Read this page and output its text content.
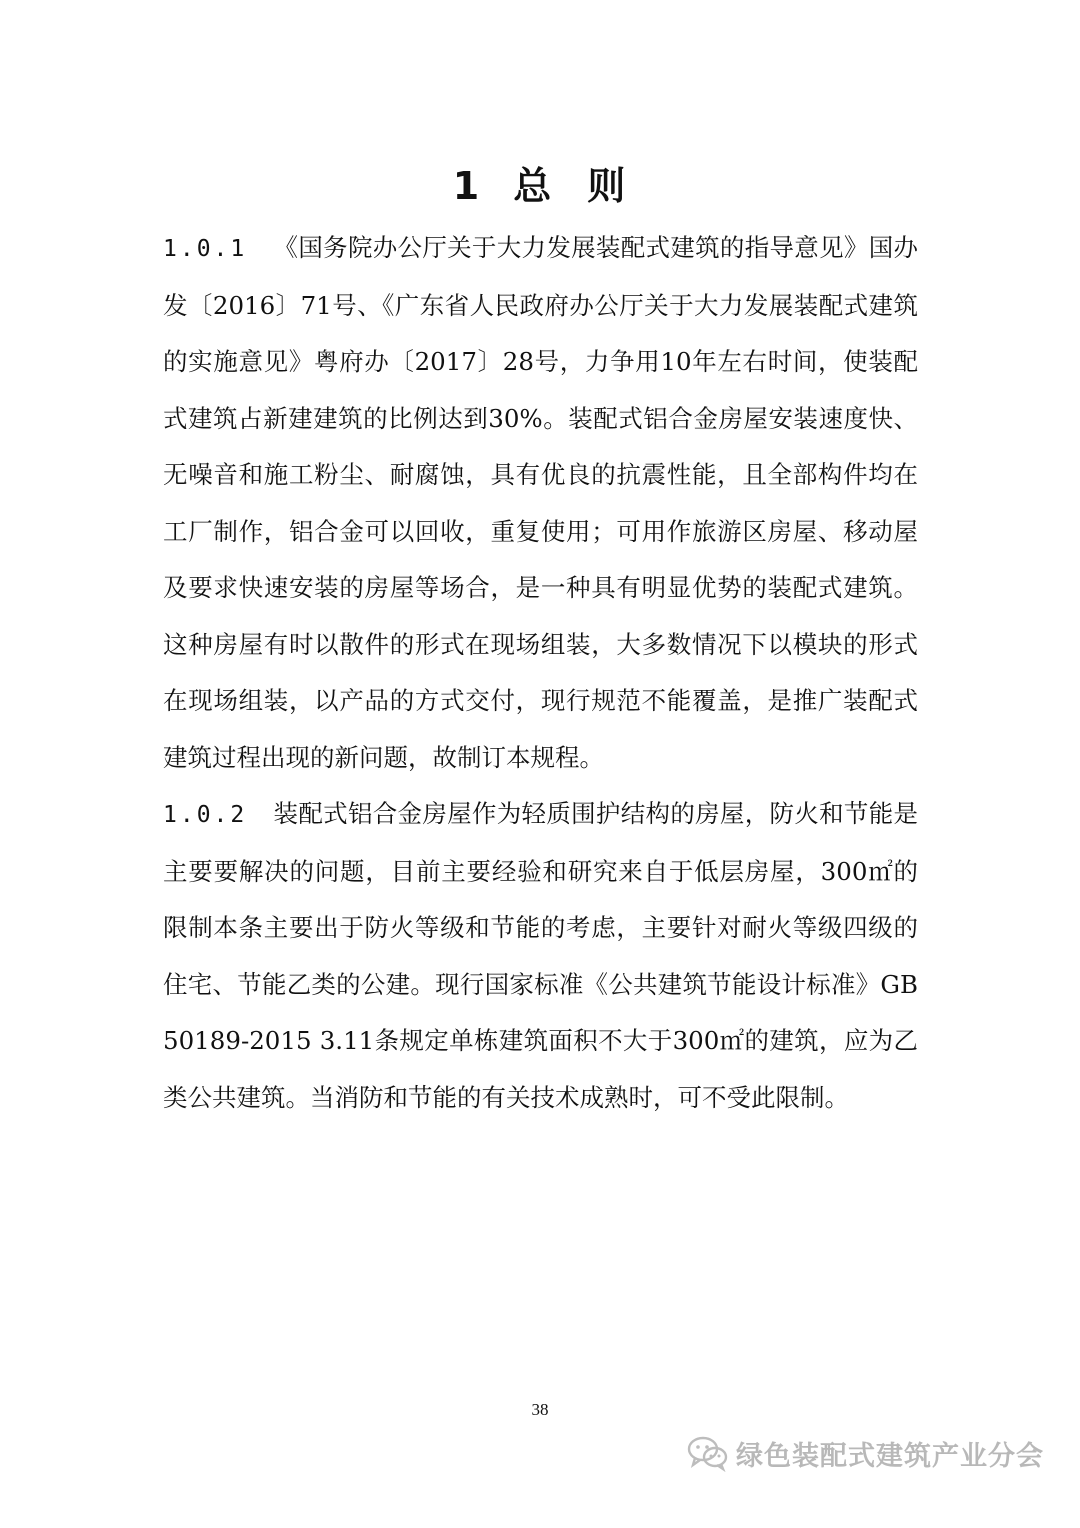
1 总 则

1.0.1 《国务院办公厅关于大力发展装配式建筑的指导意见》国办发〔2016〕71号、《广东省人民政府办公厅关于大力发展装配式建筑的实施意见》粤府办〔2017〕28号，力争用10年左右时间，使装配式建筑占新建建筑的比例达到30%。装配式铝合金房屋安装速度快、无噪音和施工粉尘、耐腐蚀，具有优良的抗震性能，且全部构件均在工厂制作，铝合金可以回收，重复使用；可用作旅游区房屋、移动屋及要求快速安装的房屋等场合，是一种具有明显优势的装配式建筑。这种房屋有时以散件的形式在现场组装，大多数情况下以模块的形式在现场组装，以产品的方式交付，现行规范不能覆盖，是推广装配式建筑过程出现的新问题，故制订本规程。

1.0.2 装配式铝合金房屋作为轻质围护结构的房屋，防火和节能是主要要解决的问题，目前主要经验和研究来自于低层房屋，300㎡的限制本条主要出于防火等级和节能的考虑，主要针对耐火等级四级的住宅、节能乙类的公建。现行国家标准《公共建筑节能设计标准》GB 50189-2015 3.11条规定单栋建筑面积不大于300㎡的建筑，应为乙类公共建筑。当消防和节能的有关技术成熟时，可不受此限制。

38
绿色装配式建筑产业分会
